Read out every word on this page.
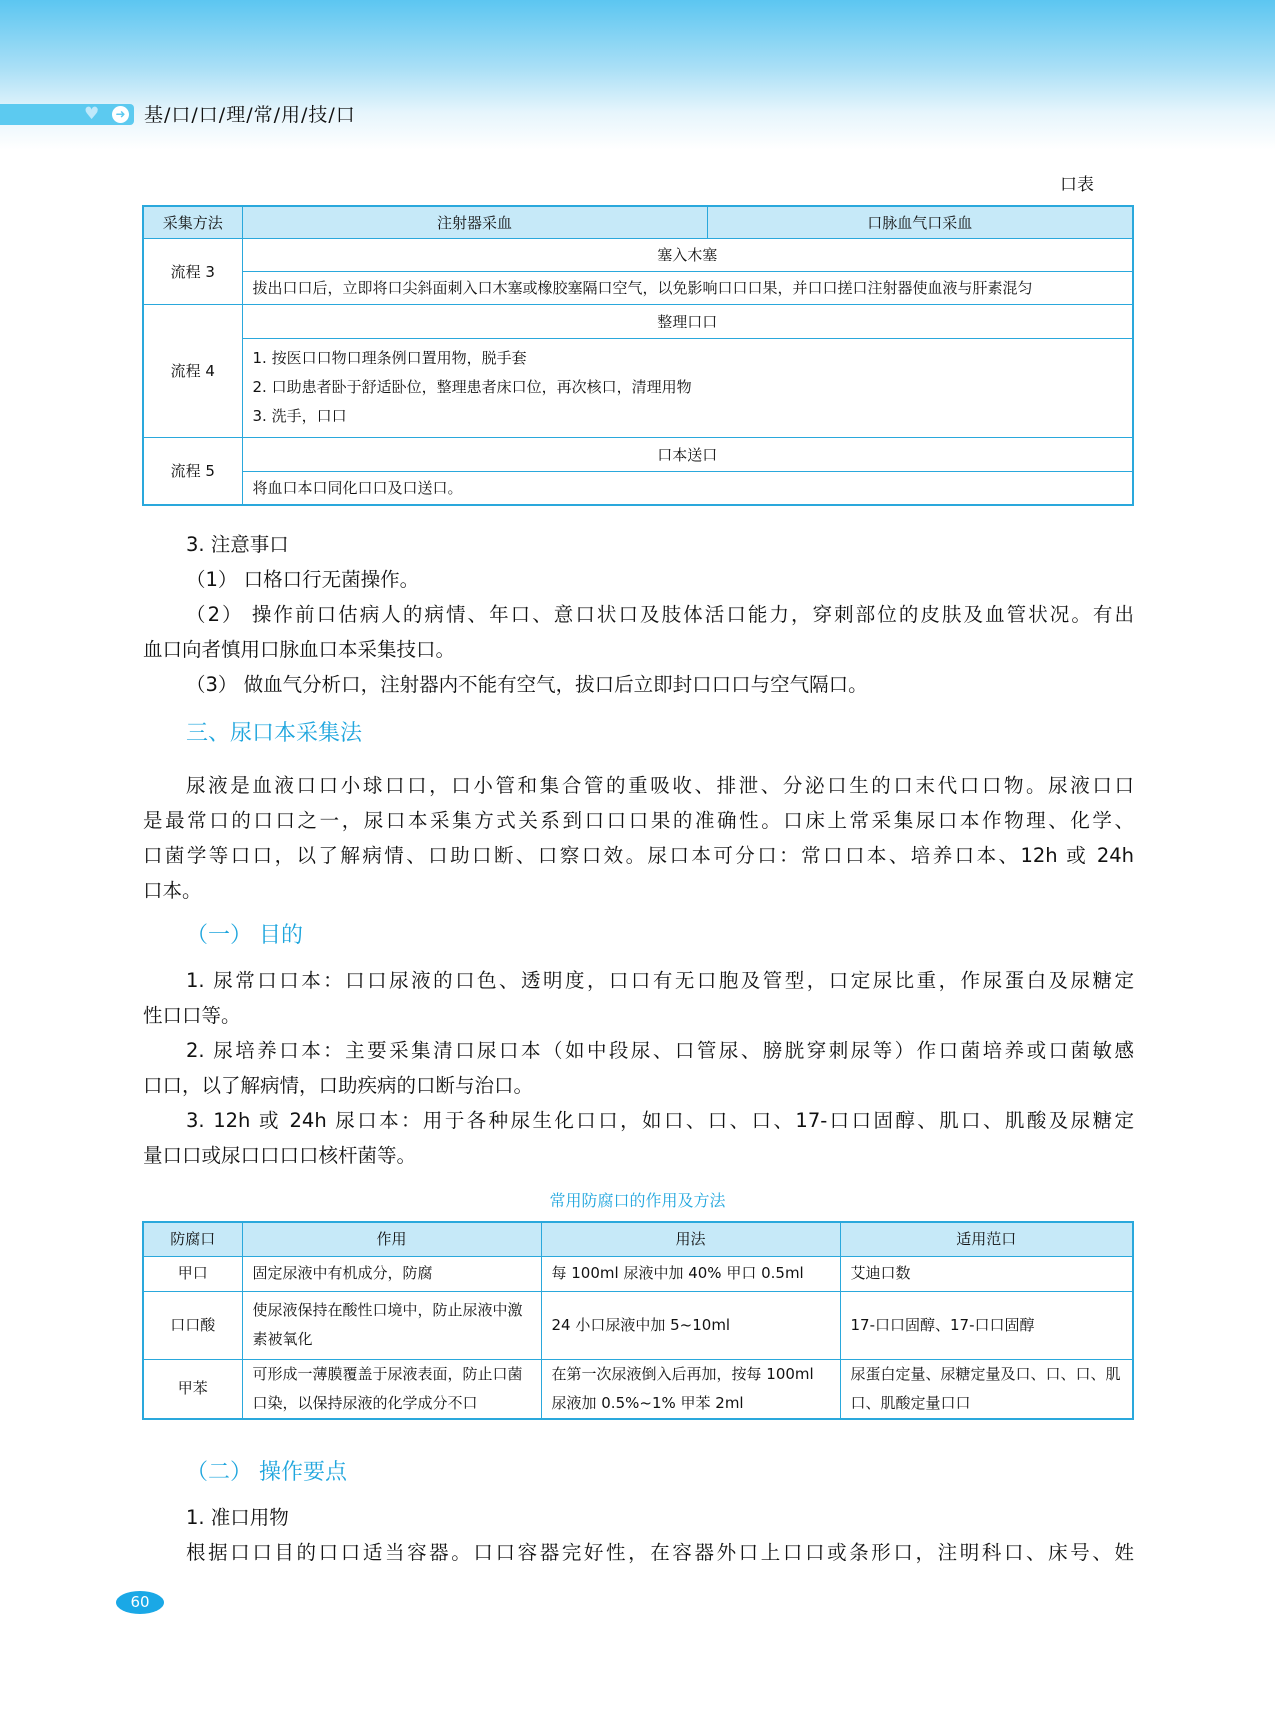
♥ ➜ 基/口/口/理/常/用/技/口
口表
采集方法	注射器采血	口脉血气口采血
流程 3	塞入木塞	
	拔出口口后，立即将口尖斜面刺入口木塞或橡胶塞隔口空气，以免影响口口口果，并口口搓口注射器使血液与肝素混匀	
流程 4	整理口口	

	1. 按医口口物口理条例口置用物，脱手套
2. 口助患者卧于舒适卧位，整理患者床口位，再次核口，清理用物
3. 洗手，口口	

流程 5	口本送口	
	将血口本口同化口口及口送口。	
3. 注意事口
（1） 口格口行无菌操作。
（2） 操作前口估病人的病情、年口、意口状口及肢体活口能力，穿刺部位的皮肤及血管状况。有出
血口向者慎用口脉血口本采集技口。
（3） 做血气分析口，注射器内不能有空气，拔口后立即封口口口与空气隔口。
三、尿口本采集法
尿液是血液口口小球口口，口小管和集合管的重吸收、排泄、分泌口生的口末代口口物。尿液口口
是最常口的口口之一，尿口本采集方式关系到口口口果的准确性。口床上常采集尿口本作物理、化学、
口菌学等口口，以了解病情、口助口断、口察口效。尿口本可分口：常口口本、培养口本、12h 或 24h
口本。
（一） 目的
1. 尿常口口本：口口尿液的口色、透明度，口口有无口胞及管型，口定尿比重，作尿蛋白及尿糖定
性口口等。
2. 尿培养口本：主要采集清口尿口本（如中段尿、口管尿、膀胱穿刺尿等）作口菌培养或口菌敏感
口口，以了解病情，口助疾病的口断与治口。
3. 12h 或 24h 尿口本：用于各种尿生化口口，如口、口、口、17-口口固醇、肌口、肌酸及尿糖定
量口口或尿口口口口核杆菌等。
常用防腐口的作用及方法
防腐口	作用	用法	适用范口
甲口	固定尿液中有机成分，防腐	每 100ml 尿液中加 40% 甲口 0.5ml	艾迪口数
口口酸	使尿液保持在酸性口境中，防止尿液中激素被氧化	24 小口尿液中加 5~10ml	17-口口固醇、17-口口固醇
甲苯	可形成一薄膜覆盖于尿液表面，防止口菌口染，以保持尿液的化学成分不口	在第一次尿液倒入后再加，按每 100ml 尿液加 0.5%~1% 甲苯 2ml	尿蛋白定量、尿糖定量及口、口、口、肌口、肌酸定量口口
（二） 操作要点
1. 准口用物
根据口口目的口口适当容器。口口容器完好性，在容器外口上口口或条形口，注明科口、床号、姓
60
